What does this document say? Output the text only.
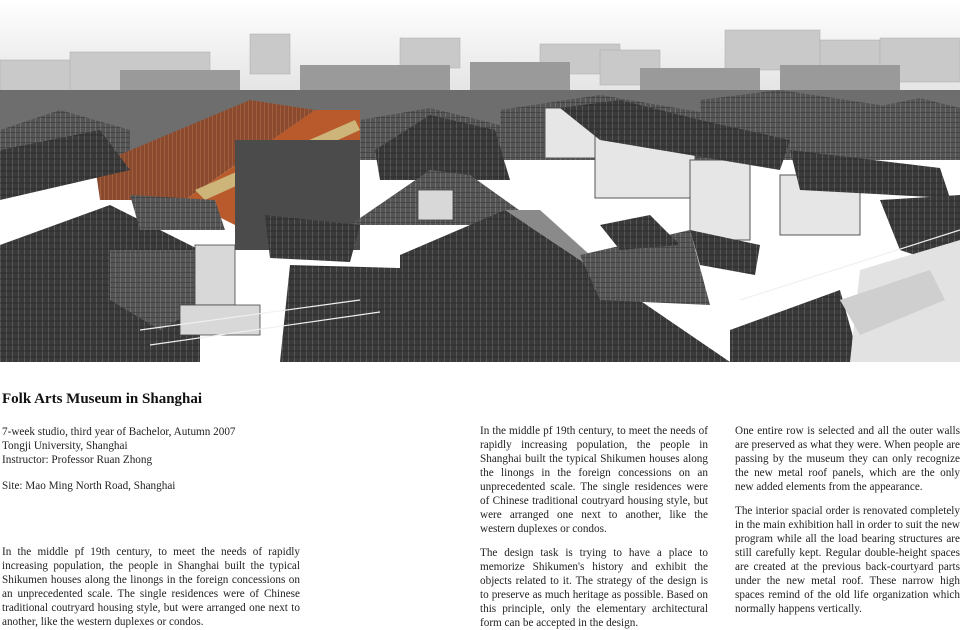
Folk Arts Museum in Shanghai
7-week studio, third year of Bachelor, Autumn 2007
Tongji University, Shanghai
Instructor: Professor Ruan Zhong
Site: Mao Ming North Road, Shanghai

In the middle pf 19th century, to meet the needs of rapidly increasing population, the people in Shanghai built the typical Shikumen houses along the linongs in the foreign concessions on an unprecedented scale. The single residences were of Chinese traditional coutryard housing style, but were arranged one next to another, like the western duplexes or condos.

In the middle pf 19th century, to meet the needs of rapidly increasing population, the people in Shanghai built the typical Shikumen houses along the linongs in the foreign concessions on an unprecedented scale. The single residences were of Chinese traditional coutryard housing style, but were arranged one next to another, like the western duplexes or condos.

The design task is trying to have a place to memorize Shikumen's history and exhibit the objects related to it. The strategy of the design is to preserve as much heritage as possible. Based on this principle, only the elementary architectural form can be accepted in the design.

One entire row is selected and all the outer walls are preserved as what they were. When people are passing by the museum they can only recognize the new metal roof panels, which are the only new added elements from the appearance.

The interior spacial order is renovated completely in the main exhibition hall in order to suit the new program while all the load bearing structures are still carefully kept. Regular double-height spaces are created at the previous back-courtyard parts under the new metal roof. These narrow high spaces remind of the old life organization which normally happens vertically.
